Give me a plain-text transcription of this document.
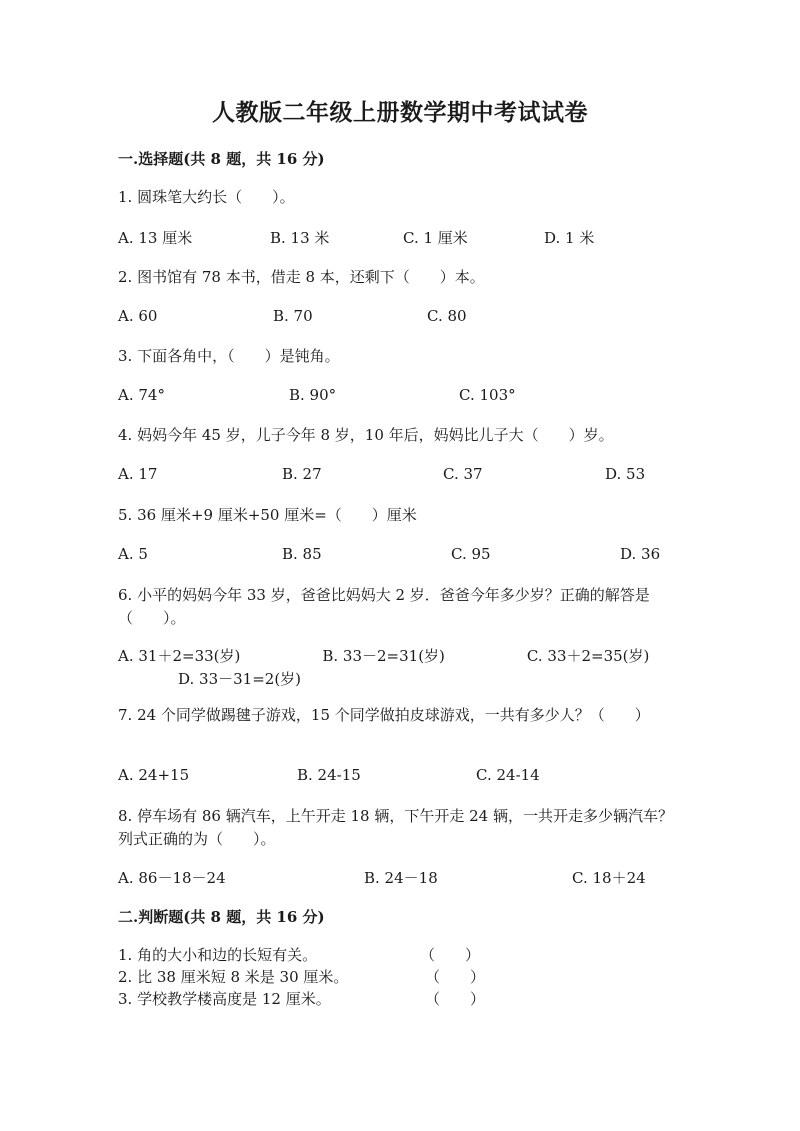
人教版二年级上册数学期中考试试卷
一.选择题(共 8 题，共 16 分)
1. 圆珠笔大约长（　　）。
A. 13 厘米	B. 13 米	C. 1 厘米	D. 1 米
2. 图书馆有 78 本书，借走 8 本，还剩下（　　）本。
A. 60	B. 70	C. 80
3. 下面各角中，（　　）是钝角。
A. 74°	B. 90°	C. 103°
4. 妈妈今年 45 岁，儿子今年 8 岁，10 年后，妈妈比儿子大（　　）岁。
A. 17	B. 27	C. 37	D. 53
5. 36 厘米+9 厘米+50 厘米=（　　）厘米
A. 5	B. 85	C. 95	D. 36
6. 小平的妈妈今年 33 岁，爸爸比妈妈大 2 岁．爸爸今年多少岁？正确的解答是（　　）。
A. 31＋2=33(岁)	B. 33－2=31(岁)	C. 33＋2=35(岁)D. 33－31=2(岁)
7. 24 个同学做踢毽子游戏，15 个同学做拍皮球游戏，一共有多少人？（　　）
A. 24+15	B. 24-15	C. 24-14
8. 停车场有 86 辆汽车，上午开走 18 辆，下午开走 24 辆，一共开走多少辆汽车？列式正确的为（　　）。
A. 86－18－24	B. 24－18	C. 18＋24
二.判断题(共 8 题，共 16 分)
1. 角的大小和边的长短有关。	（　　）
2. 比 38 厘米短 8 米是 30 厘米。	（　　）
3. 学校教学楼高度是 12 厘米。	（　　）
